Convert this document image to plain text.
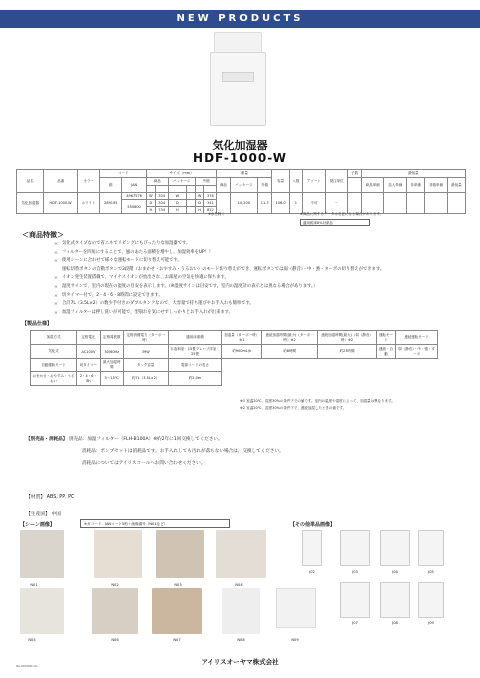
NEW PRODUCTS
気化加湿器
HDF-1000-W
品名	品番	カラー	コード		サイズ（mm）						重量			容量	入数	アソート	発注単位	子数	最低量				
			箱	JAN	商品		パッケージ		外箱		商品	パッケージ	外箱						商品単価	詰入単価	非単価	非箱単価	最低量

気化加湿器	HDF-1000-W	ホワイト	289195	4967576	W	304	W		W	376		10,200	11.3	106.0	1	不可	－						
				550600	D	304	D		D	341													
					H	734	H		H	822													
※水を除く	※商品に関するデータは変更になる場合があります。
適用税率8%対象品
＜商品特徴＞
＊ 気化式タイプなので省エネでリビングにもぴったりな加湿器です。
＊ フィルターを四角にすることで、風のあたる面積を増やし、加湿効率をUP！！
＊ 使用シーンに合わせて様々な運転モードに切り替え可能です。
運転切替ボタンの自動ボタンで3段階（おまかせ・おやすみ・うるおい）のモード切り替えができ、運転ボタンでは弱（静音）・中・強・ターボの切り替えができます。
＊ イオン発生装置搭載で、マイナスイオンが放出され、お部屋の空気を快適に保ちます。
＊ 湿度サインで、室内の現在の湿度の目安を表示します。（※湿度サインは目安です。室内の湿度計の表示とは異なる場合があります。）
＊ 切タイマー付で、2・4・6・8時間に設定できます。
＊ 合計7L（3.5L×2）の数少手付きのダブルタンクなので、大容量で持ち運びやお手入れも簡単です。
＊ 加湿フィルターは押し洗いが可能で、型崩れを気にせずしっかりとお手入れが出来ます。
【製品仕様】
加湿方式	定格電圧	定格周波数	定格消費電力（ターボ一時）	適用床面積	加湿量（ターボ一時）※1	連続加湿時間(最小)（ターボ一時）※2	連続加湿時間(最大)（弱（静音）時）※2	運転モード	連続運転モード
気化式	AC100V	50/60Hz	39W	木造和室：15畳プレハブ洋室：25畳	約900mL/h	約8時間	約23時間	連続・自動	弱（静音）・中・強・ターボ
自動運転モード	切タイマー	最大加湿時間	タンク容量	電源コードの長さ					
おまかせ・おやすみ・うるおい	2・4・6・8h	5～15℃	約7L（3.5L×2）	約2.0m					
※1 室温20℃、湿度30%の条件下での値です。室内の温度や湿度によって、加湿量は異なります。
※2 室温20℃、湿度30%の条件下で、連続加湿したときの値です。
【別売品・消耗品】 別売品：加湿フィルター（FLH-B100A）※約2年に1回交換してください。
消耗品：ポンプセットは消耗品です。お手入れしても汚れが落ちない場合は、交換してください。
消耗品についてはアイリスコールへお問い合わせください。
【材質】 ABS, PP, PC
【生産国】 中国
【シーン画像】	※ガコード：JANコード5桁＋画像番号（N01など）	【その他単品画像】
N01	N02	N03	N04
N05	N06	N07	N08	N09
J02	J03	J04	J05
J07	J08	J09
Ite-000000.xls	アイリスオーヤマ株式会社
